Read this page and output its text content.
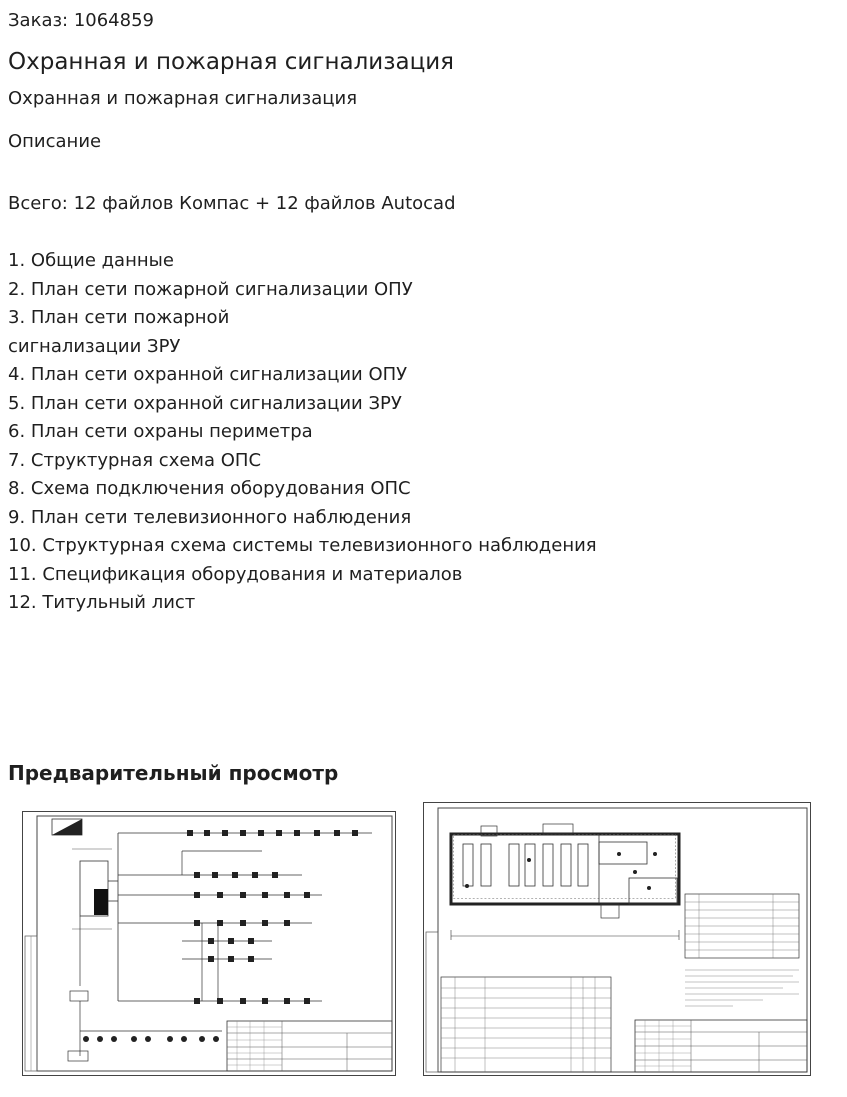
Заказ: 1064859
Охранная и пожарная сигнализация
Охранная и пожарная сигнализация
Описание
Всего: 12 файлов Компас + 12 файлов Autocad
1. Общие данные
2. План сети пожарной сигнализации ОПУ
3. План сети пожарной
сигнализации ЗРУ
4. План сети охранной сигнализации ОПУ
5. План сети охранной сигнализации ЗРУ
6. План сети охраны периметра
7. Структурная схема ОПС
8. Схема подключения оборудования ОПС
9. План сети телевизионного наблюдения
10. Структурная схема системы телевизионного наблюдения
11. Спецификация оборудования и материалов
12. Титульный лист
Предварительный просмотр
